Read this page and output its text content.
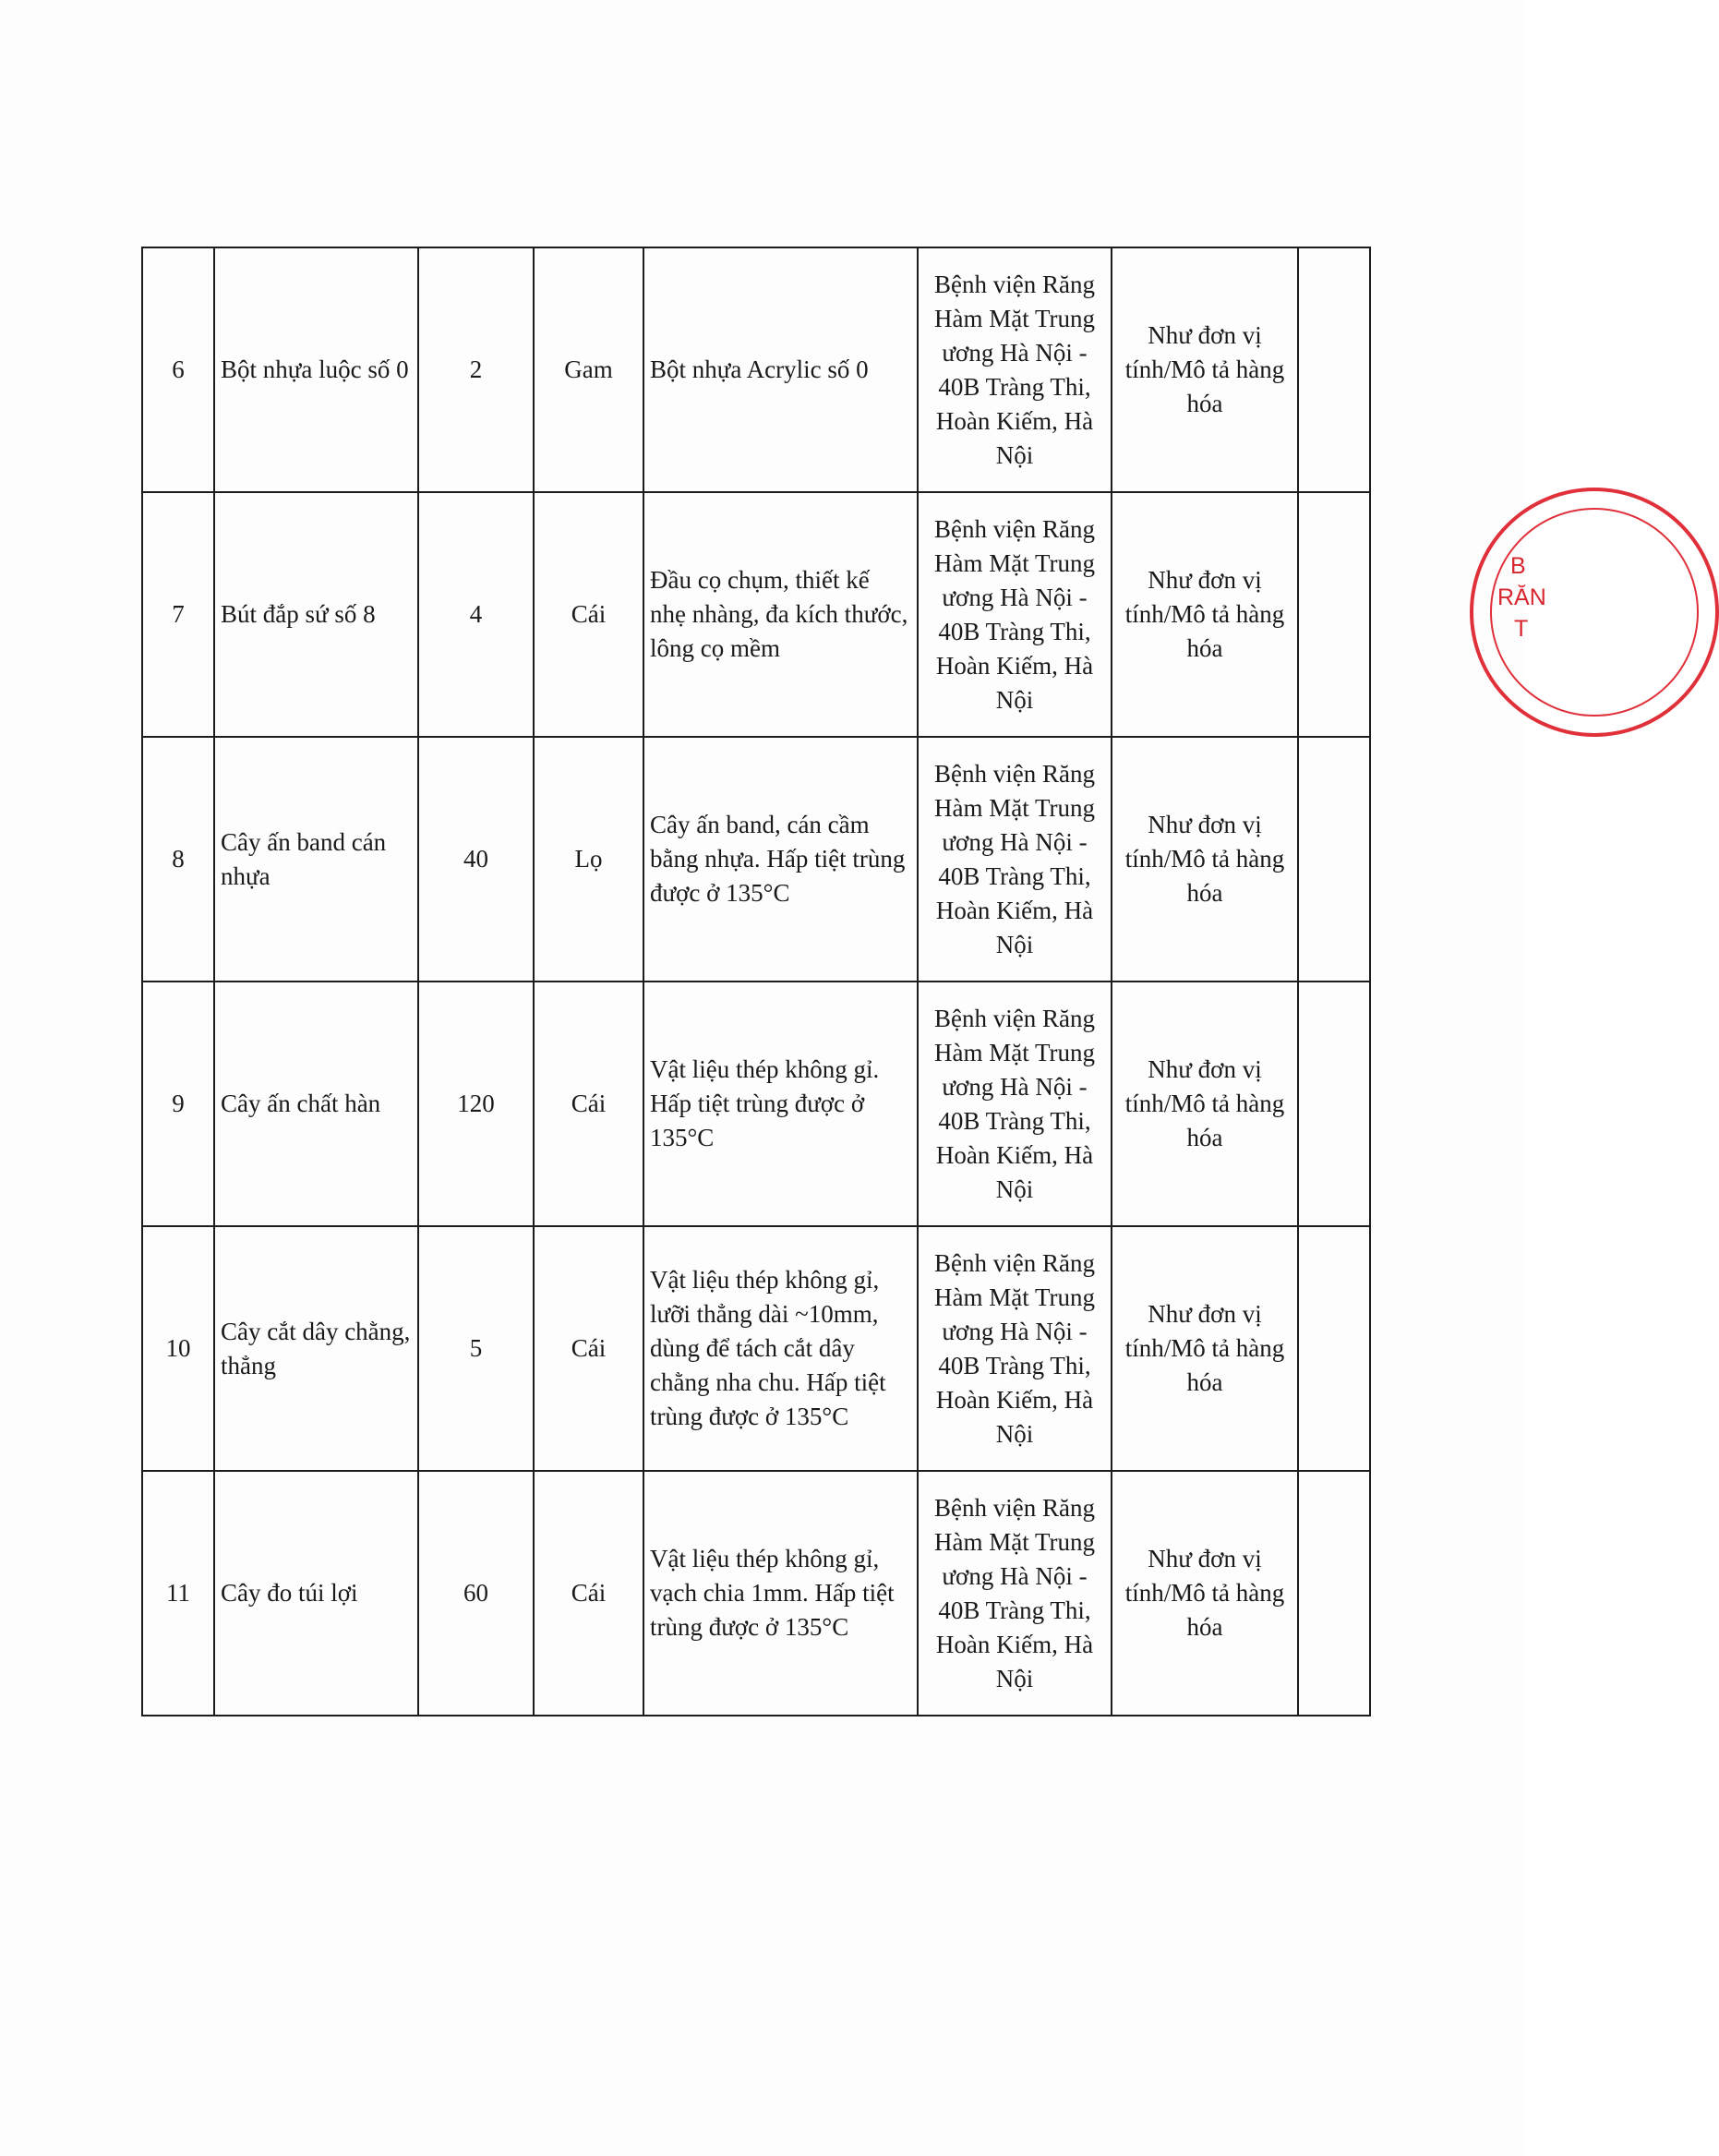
6	Bột nhựa luộc số 0	2	Gam	Bột nhựa Acrylic số 0	Bệnh viện Răng Hàm Mặt Trung ương Hà Nội - 40B Tràng Thi, Hoàn Kiếm, Hà Nội	Như đơn vị tính/Mô tả hàng hóa	
7	Bút đắp sứ số 8	4	Cái	Đầu cọ chụm, thiết kế nhẹ nhàng, đa kích thước, lông cọ mềm	Bệnh viện Răng Hàm Mặt Trung ương Hà Nội - 40B Tràng Thi, Hoàn Kiếm, Hà Nội	Như đơn vị tính/Mô tả hàng hóa	
8	Cây ấn band cán nhựa	40	Lọ	Cây ấn band, cán cầm bằng nhựa. Hấp tiệt trùng được ở 135°C	Bệnh viện Răng Hàm Mặt Trung ương Hà Nội - 40B Tràng Thi, Hoàn Kiếm, Hà Nội	Như đơn vị tính/Mô tả hàng hóa	
9	Cây ấn chất hàn	120	Cái	Vật liệu thép không gỉ. Hấp tiệt trùng được ở 135°C	Bệnh viện Răng Hàm Mặt Trung ương Hà Nội - 40B Tràng Thi, Hoàn Kiếm, Hà Nội	Như đơn vị tính/Mô tả hàng hóa	
10	Cây cắt dây chằng, thẳng	5	Cái	Vật liệu thép không gỉ, lưỡi thẳng dài ~10mm, dùng để tách cắt dây chằng nha chu. Hấp tiệt trùng được ở 135°C	Bệnh viện Răng Hàm Mặt Trung ương Hà Nội - 40B Tràng Thi, Hoàn Kiếm, Hà Nội	Như đơn vị tính/Mô tả hàng hóa	
11	Cây đo túi lợi	60	Cái	Vật liệu thép không gỉ, vạch chia 1mm. Hấp tiệt trùng được ở 135°C	Bệnh viện Răng Hàm Mặt Trung ương Hà Nội - 40B Tràng Thi, Hoàn Kiếm, Hà Nội	Như đơn vị tính/Mô tả hàng hóa	
B
RĂN
T
